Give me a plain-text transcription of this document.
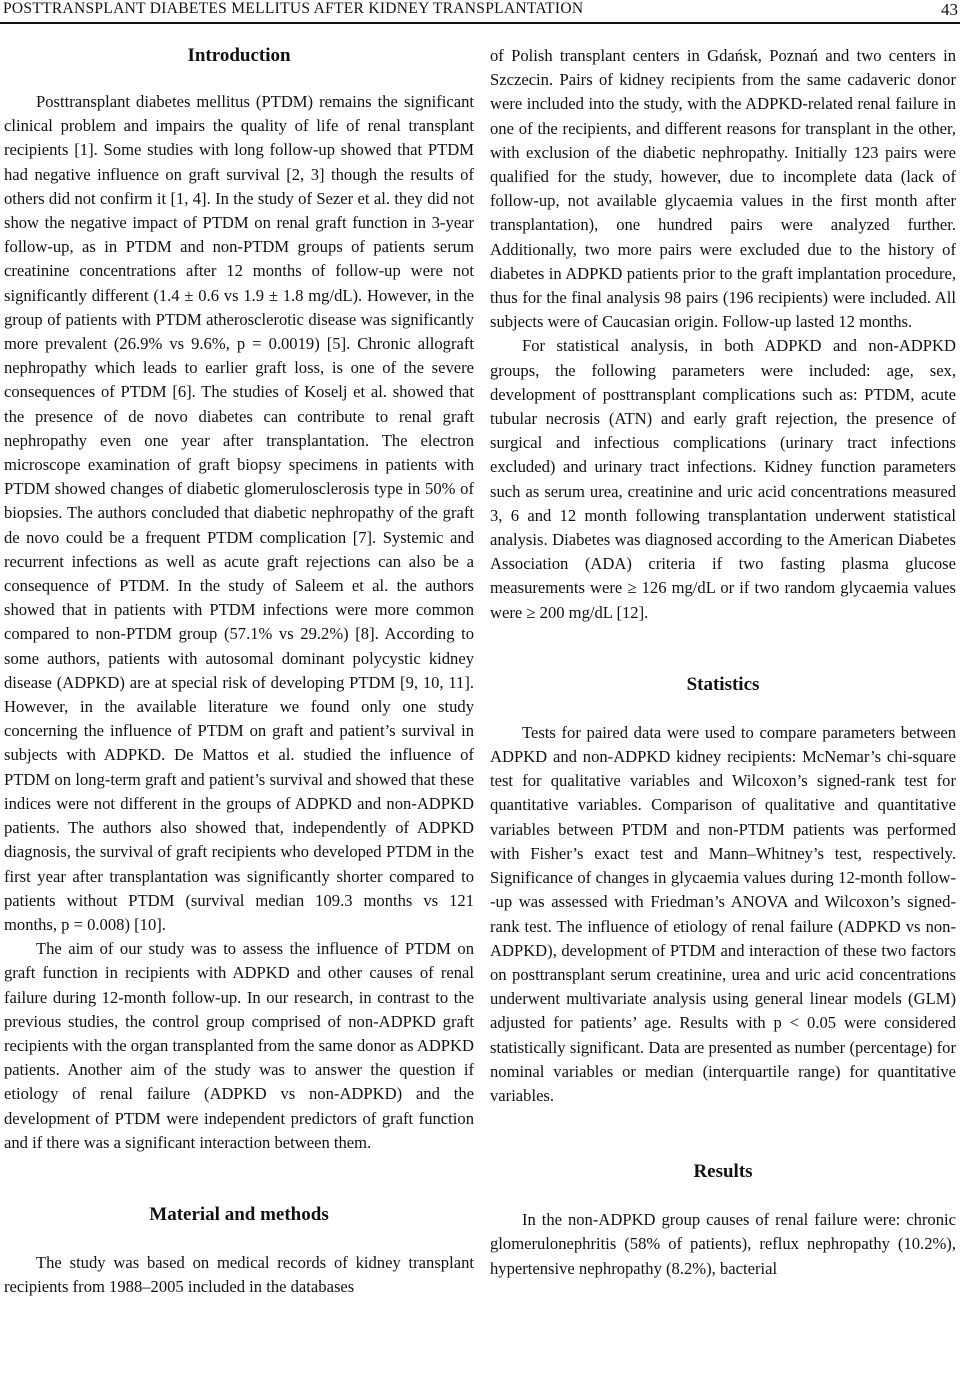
POSTTRANSPLANT DIABETES MELLITUS AFTER KIDNEY TRANSPLANTATION	43
Introduction

Posttransplant diabetes mellitus (PTDM) remains the significant clinical problem and impairs the quality of life of renal transplant recipients [1]. Some studies with long follow-up showed that PTDM had negative influence on graft survival [2, 3] though the results of others did not confirm it [1, 4]. In the study of Sezer et al. they did not show the negative impact of PTDM on renal graft function in 3-year follow-up, as in PTDM and non-PTDM groups of patients serum creatinine concentrations after 12 months of follow-up were not significantly different (1.4 ± 0.6 vs 1.9 ± 1.8 mg/dL). However, in the group of patients with PTDM atherosclerotic disease was significantly more prevalent (26.9% vs 9.6%, p = 0.0019) [5]. Chronic allograft nephropathy which leads to earlier graft loss, is one of the severe consequences of PTDM [6]. The studies of Koselj et al. showed that the presence of de novo diabetes can contribute to renal graft nephropathy even one year after transplantation. The electron microscope examination of graft biopsy specimens in patients with PTDM showed changes of diabetic glomerulosclerosis type in 50% of biopsies. The authors concluded that diabetic nephropathy of the graft de novo could be a frequent PTDM complication [7]. Systemic and recurrent infections as well as acute graft rejections can also be a consequence of PTDM. In the study of Saleem et al. the authors showed that in patients with PTDM infections were more common compared to non-PTDM group (57.1% vs 29.2%) [8]. According to some authors, patients with autosomal dominant polycystic kidney disease (ADPKD) are at special risk of developing PTDM [9, 10, 11]. However, in the available literature we found only one study concerning the influence of PTDM on graft and patient’s survival in subjects with ADPKD. De Mattos et al. studied the influence of PTDM on long-term graft and patient’s survival and showed that these indices were not different in the groups of ADPKD and non-ADPKD patients. The authors also showed that, independently of ADPKD diagnosis, the survival of graft recipients who developed PTDM in the first year after transplantation was significantly shorter compared to patients without PTDM (survival median 109.3 months vs 121 months, p = 0.008) [10].

The aim of our study was to assess the influence of PTDM on graft function in recipients with ADPKD and other causes of renal failure during 12-month follow-up. In our research, in contrast to the previous studies, the control group comprised of non-ADPKD graft recipients with the organ transplanted from the same donor as ADPKD patients. Another aim of the study was to answer the question if etiology of renal failure (ADPKD vs non-ADPKD) and the development of PTDM were independent predictors of graft function and if there was a significant interaction between them.

Material and methods

The study was based on medical records of kidney transplant recipients from 1988–2005 included in the databases

of Polish transplant centers in Gdańsk, Poznań and two centers in Szczecin. Pairs of kidney recipients from the same cadaveric donor were included into the study, with the ADPKD-related renal failure in one of the recipients, and different reasons for transplant in the other, with exclusion of the diabetic nephropathy. Initially 123 pairs were qualified for the study, however, due to incomplete data (lack of follow-up, not available glycaemia values in the first month after transplantation), one hundred pairs were analyzed further. Additionally, two more pairs were excluded due to the history of diabetes in ADPKD patients prior to the graft implantation procedure, thus for the final analysis 98 pairs (196 recipients) were included. All subjects were of Caucasian origin. Follow-up lasted 12 months.

For statistical analysis, in both ADPKD and non-ADPKD groups, the following parameters were included: age, sex, development of posttransplant complications such as: PTDM, acute tubular necrosis (ATN) and early graft rejection, the presence of surgical and infectious complications (urinary tract infections excluded) and urinary tract infections. Kidney function parameters such as serum urea, creatinine and uric acid concentrations measured 3, 6 and 12 month following transplantation underwent statistical analysis. Diabetes was diagnosed according to the American Diabetes Association (ADA) criteria if two fasting plasma glucose measurements were ≥ 126 mg/dL or if two random glycaemia values were ≥ 200 mg/dL [12].

Statistics

Tests for paired data were used to compare parameters between ADPKD and non-ADPKD kidney recipients: McNemar’s chi-square test for qualitative variables and Wilcoxon’s signed-rank test for quantitative variables. Comparison of qualitative and quantitative variables between PTDM and non-PTDM patients was performed with Fisher’s exact test and Mann–Whitney’s test, respectively. Significance of changes in glycaemia values during 12-month follow--up was assessed with Friedman’s ANOVA and Wilcoxon’s signed-rank test. The influence of etiology of renal failure (ADPKD vs non-ADPKD), development of PTDM and interaction of these two factors on posttransplant serum creatinine, urea and uric acid concentrations underwent multivariate analysis using general linear models (GLM) adjusted for patients’ age. Results with p < 0.05 were considered statistically significant. Data are presented as number (percentage) for nominal variables or median (interquartile range) for quantitative variables.

Results

In the non-ADPKD group causes of renal failure were: chronic glomerulonephritis (58% of patients), reflux nephropathy (10.2%), hypertensive nephropathy (8.2%), bacterial
